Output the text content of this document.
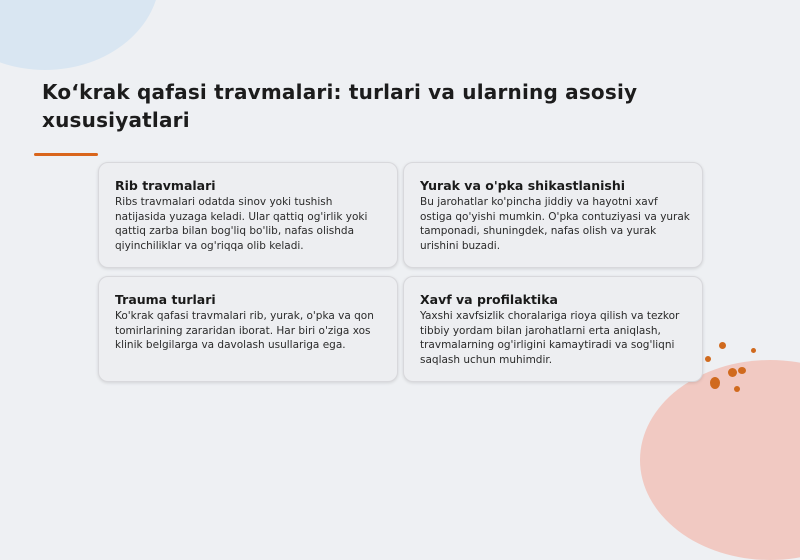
Ko‘krak qafasi travmalari: turlari va ularning asosiy xususiyatlari
Rib travmalari
Ribs travmalari odatda sinov yoki tushish natijasida yuzaga keladi. Ular qattiq og'irlik yoki qattiq zarba bilan bog'liq bo'lib, nafas olishda qiyinchiliklar va og'riqqa olib keladi.
Yurak va o'pka shikastlanishi
Bu jarohatlar ko'pincha jiddiy va hayotni xavf ostiga qo'yishi mumkin. O'pka contuziyasi va yurak tamponadi, shuningdek, nafas olish va yurak urishini buzadi.
Trauma turlari
Ko'krak qafasi travmalari rib, yurak, o'pka va qon tomirlarining zararidan iborat. Har biri o'ziga xos klinik belgilarga va davolash usullariga ega.
Xavf va profilaktika
Yaxshi xavfsizlik choralariga rioya qilish va tezkor tibbiy yordam bilan jarohatlarni erta aniqlash, travmalarning og'irligini kamaytiradi va sog'liqni saqlash uchun muhimdir.
